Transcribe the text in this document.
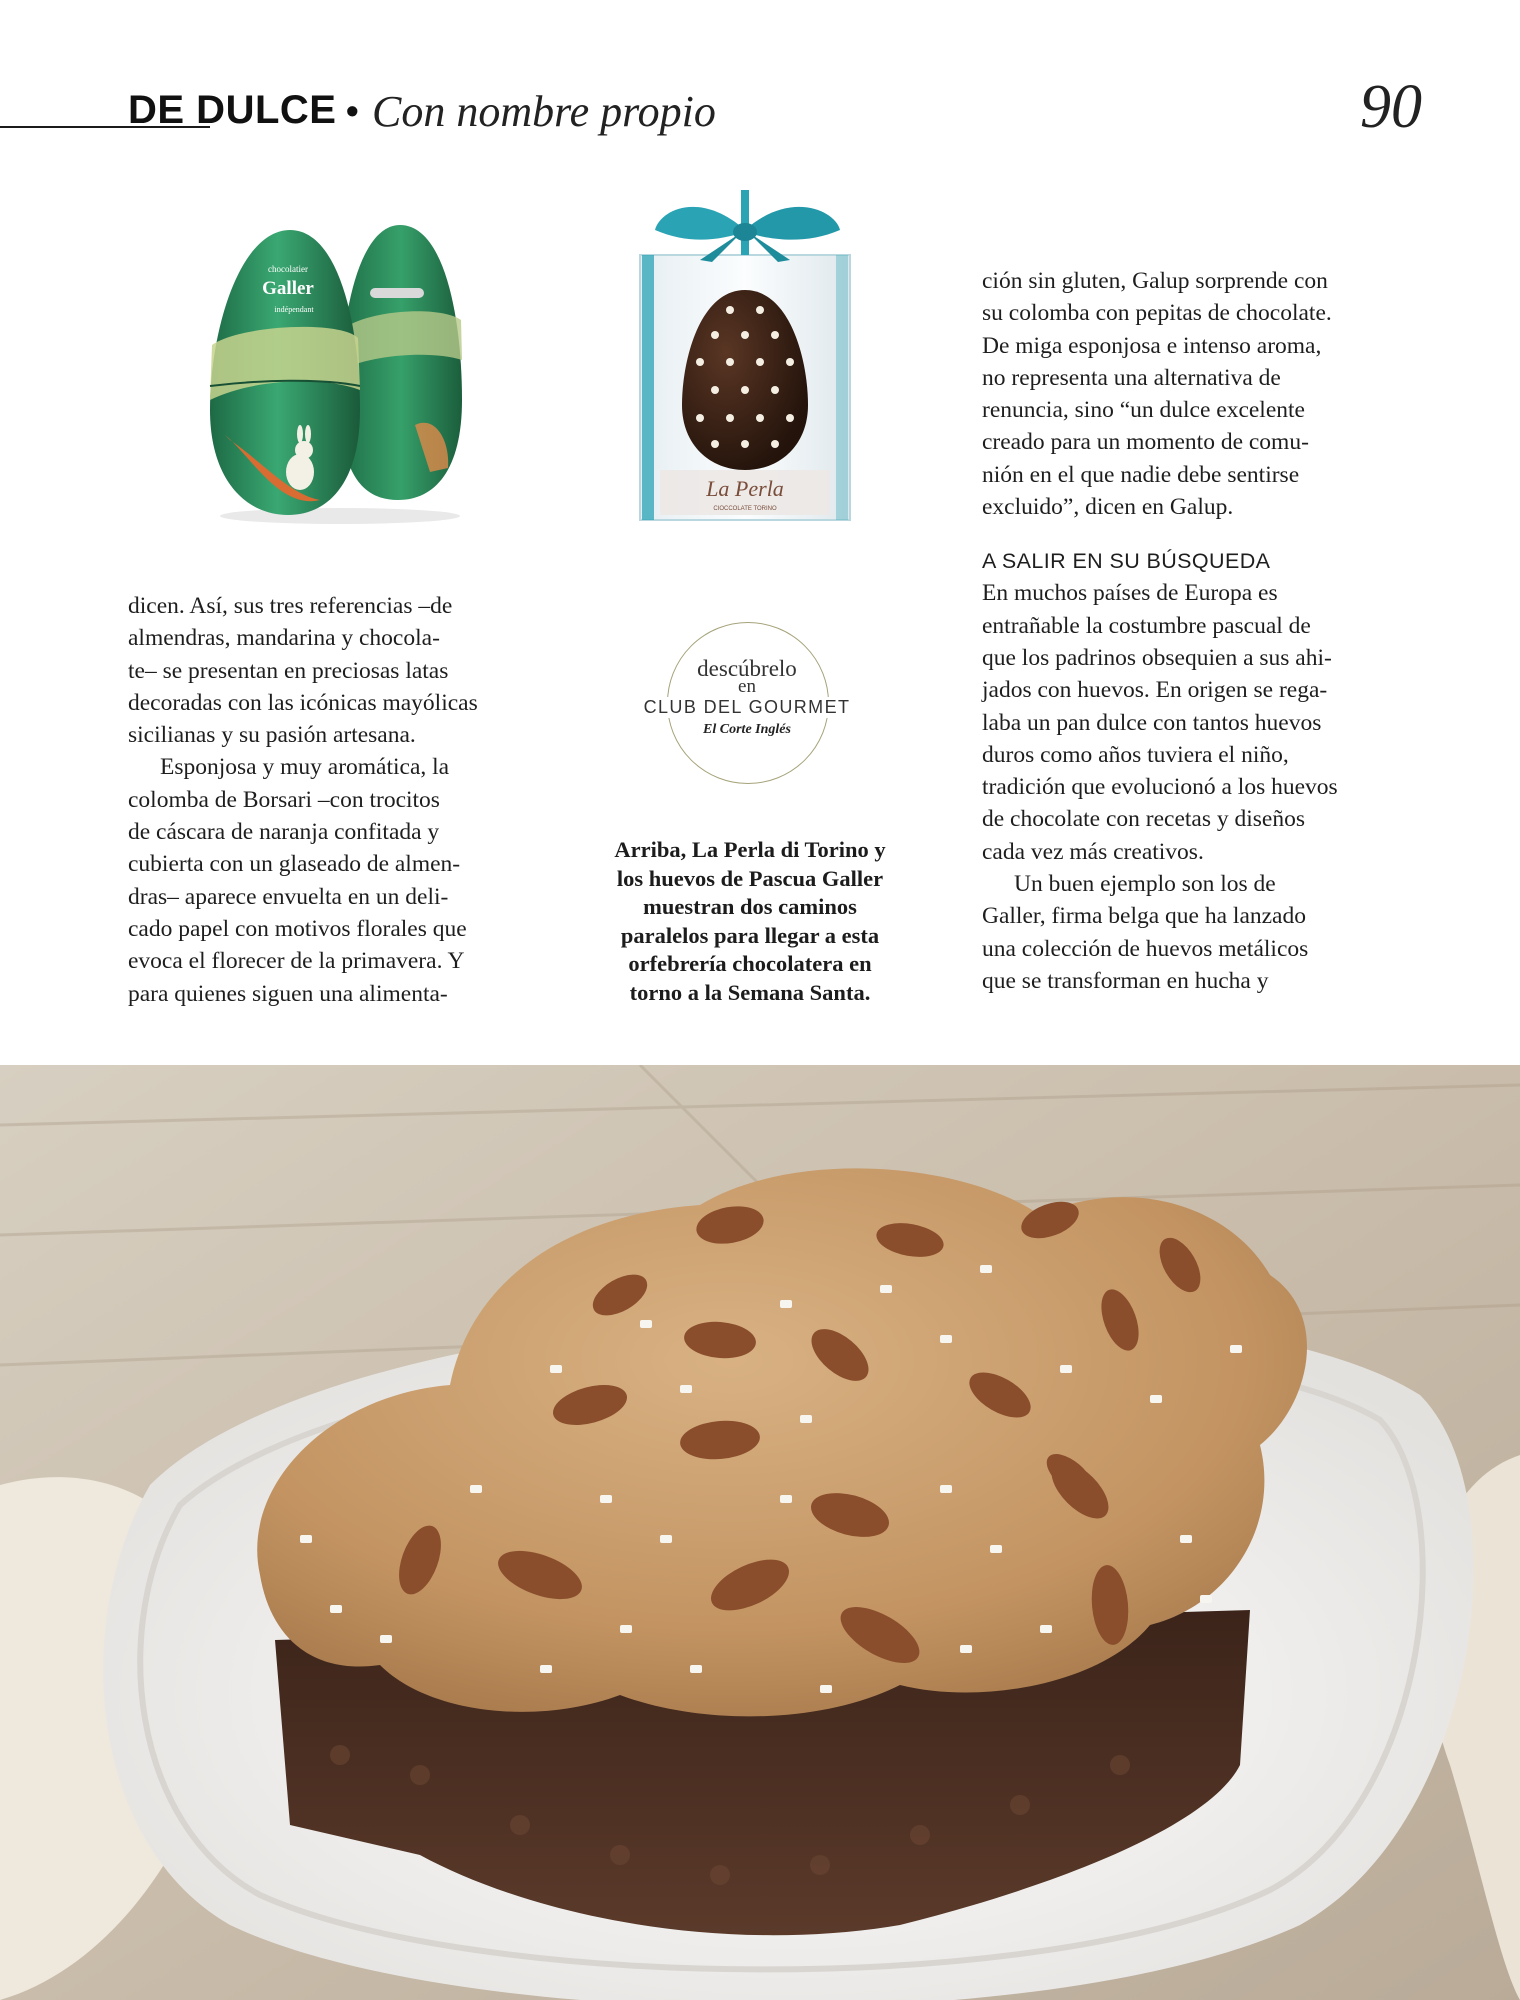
DE DULCE • Con nombre propio	90
chocolatier
Galler
indépendant
La Perla
CIOCCOLATE TORINO

dicen. Así, sus tres referencias –de
almendras, mandarina y chocola-
te– se presentan en preciosas latas
decoradas con las icónicas mayólicas
sicilianas y su pasión artesana.

Esponjosa y muy aromática, la
colomba de Borsari –con trocitos
de cáscara de naranja confitada y
cubierta con un glaseado de almen-
dras– aparece envuelta en un deli-
cado papel con motivos florales que
evoca el florecer de la primavera. Y
para quienes siguen una alimenta-

descúbrelo
en
CLUB DEL GOURMET
El Corte Inglés
Arriba, La Perla di Torino y
los huevos de Pascua Galler
muestran dos caminos
paralelos para llegar a esta
orfebrería chocolatera en
torno a la Semana Santa.

ción sin gluten, Galup sorprende con
su colomba con pepitas de chocolate.
De miga esponjosa e intenso aroma,
no representa una alternativa de
renuncia, sino “un dulce excelente
creado para un momento de comu-
nión en el que nadie debe sentirse
excluido”, dicen en Galup.

A SALIR EN SU BÚSQUEDA

En muchos países de Europa es
entrañable la costumbre pascual de
que los padrinos obsequien a sus ahi-
jados con huevos. En origen se rega-
laba un pan dulce con tantos huevos
duros como años tuviera el niño,
tradición que evolucionó a los huevos
de chocolate con recetas y diseños
cada vez más creativos.

Un buen ejemplo son los de
Galler, firma belga que ha lanzado
una colección de huevos metálicos
que se transforman en hucha y
